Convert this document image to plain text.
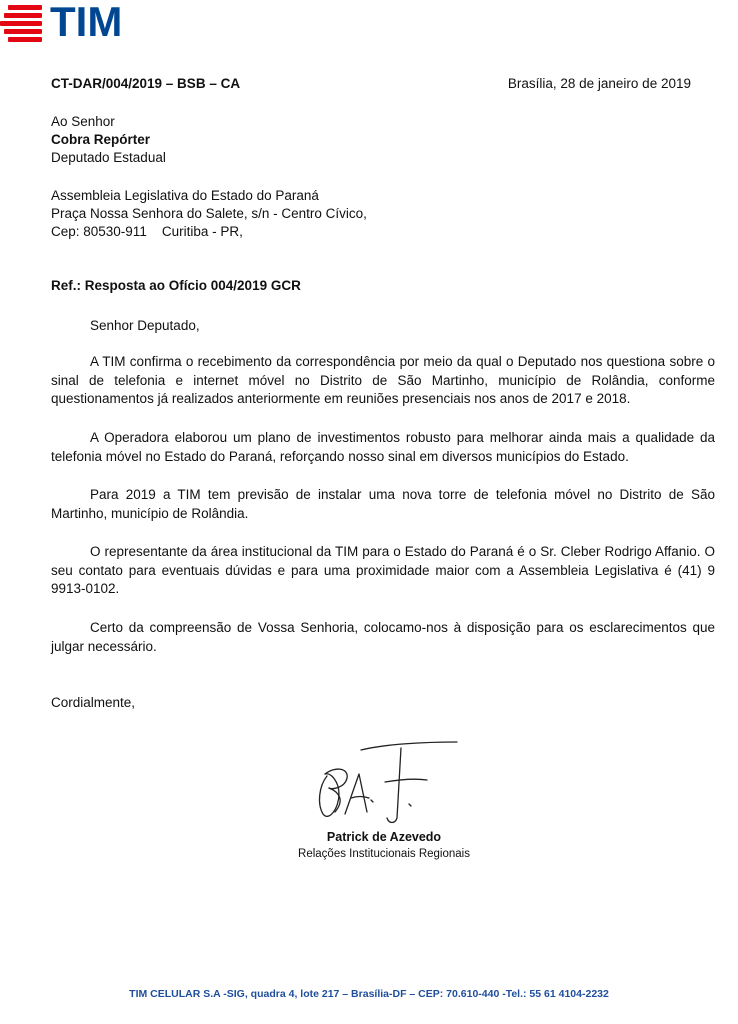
TIM
CT-DAR/004/2019 – BSB – CA	Brasília, 28 de janeiro de 2019
Ao Senhor
Cobra Repórter
Deputado Estadual
Assembleia Legislativa do Estado do Paraná
Praça Nossa Senhora do Salete, s/n - Centro Cívico,
Cep: 80530-911    Curitiba - PR,
Ref.: Resposta ao Ofício 004/2019 GCR
Senhor Deputado,

A TIM confirma o recebimento da correspondência por meio da qual o Deputado nos questiona sobre o sinal de telefonia e internet móvel no Distrito de São Martinho, município de Rolândia, conforme questionamentos já realizados anteriormente em reuniões presenciais nos anos de 2017 e 2018.

A Operadora elaborou um plano de investimentos robusto para melhorar ainda mais a qualidade da telefonia móvel no Estado do Paraná, reforçando nosso sinal em diversos municípios do Estado.

Para 2019 a TIM tem previsão de instalar uma nova torre de telefonia móvel no Distrito de São Martinho, município de Rolândia.

O representante da área institucional da TIM para o Estado do Paraná é o Sr. Cleber Rodrigo Affanio. O seu contato para eventuais dúvidas e para uma proximidade maior com a Assembleia Legislativa é (41) 9 9913-0102.

Certo da compreensão de Vossa Senhoria, colocamo-nos à disposição para os esclarecimentos que julgar necessário.

Cordialmente,
Patrick de Azevedo
Relações Institucionais Regionais
TIM CELULAR S.A -SIG, quadra 4, lote 217 – Brasília-DF – CEP: 70.610-440 -Tel.: 55 61 4104-2232
